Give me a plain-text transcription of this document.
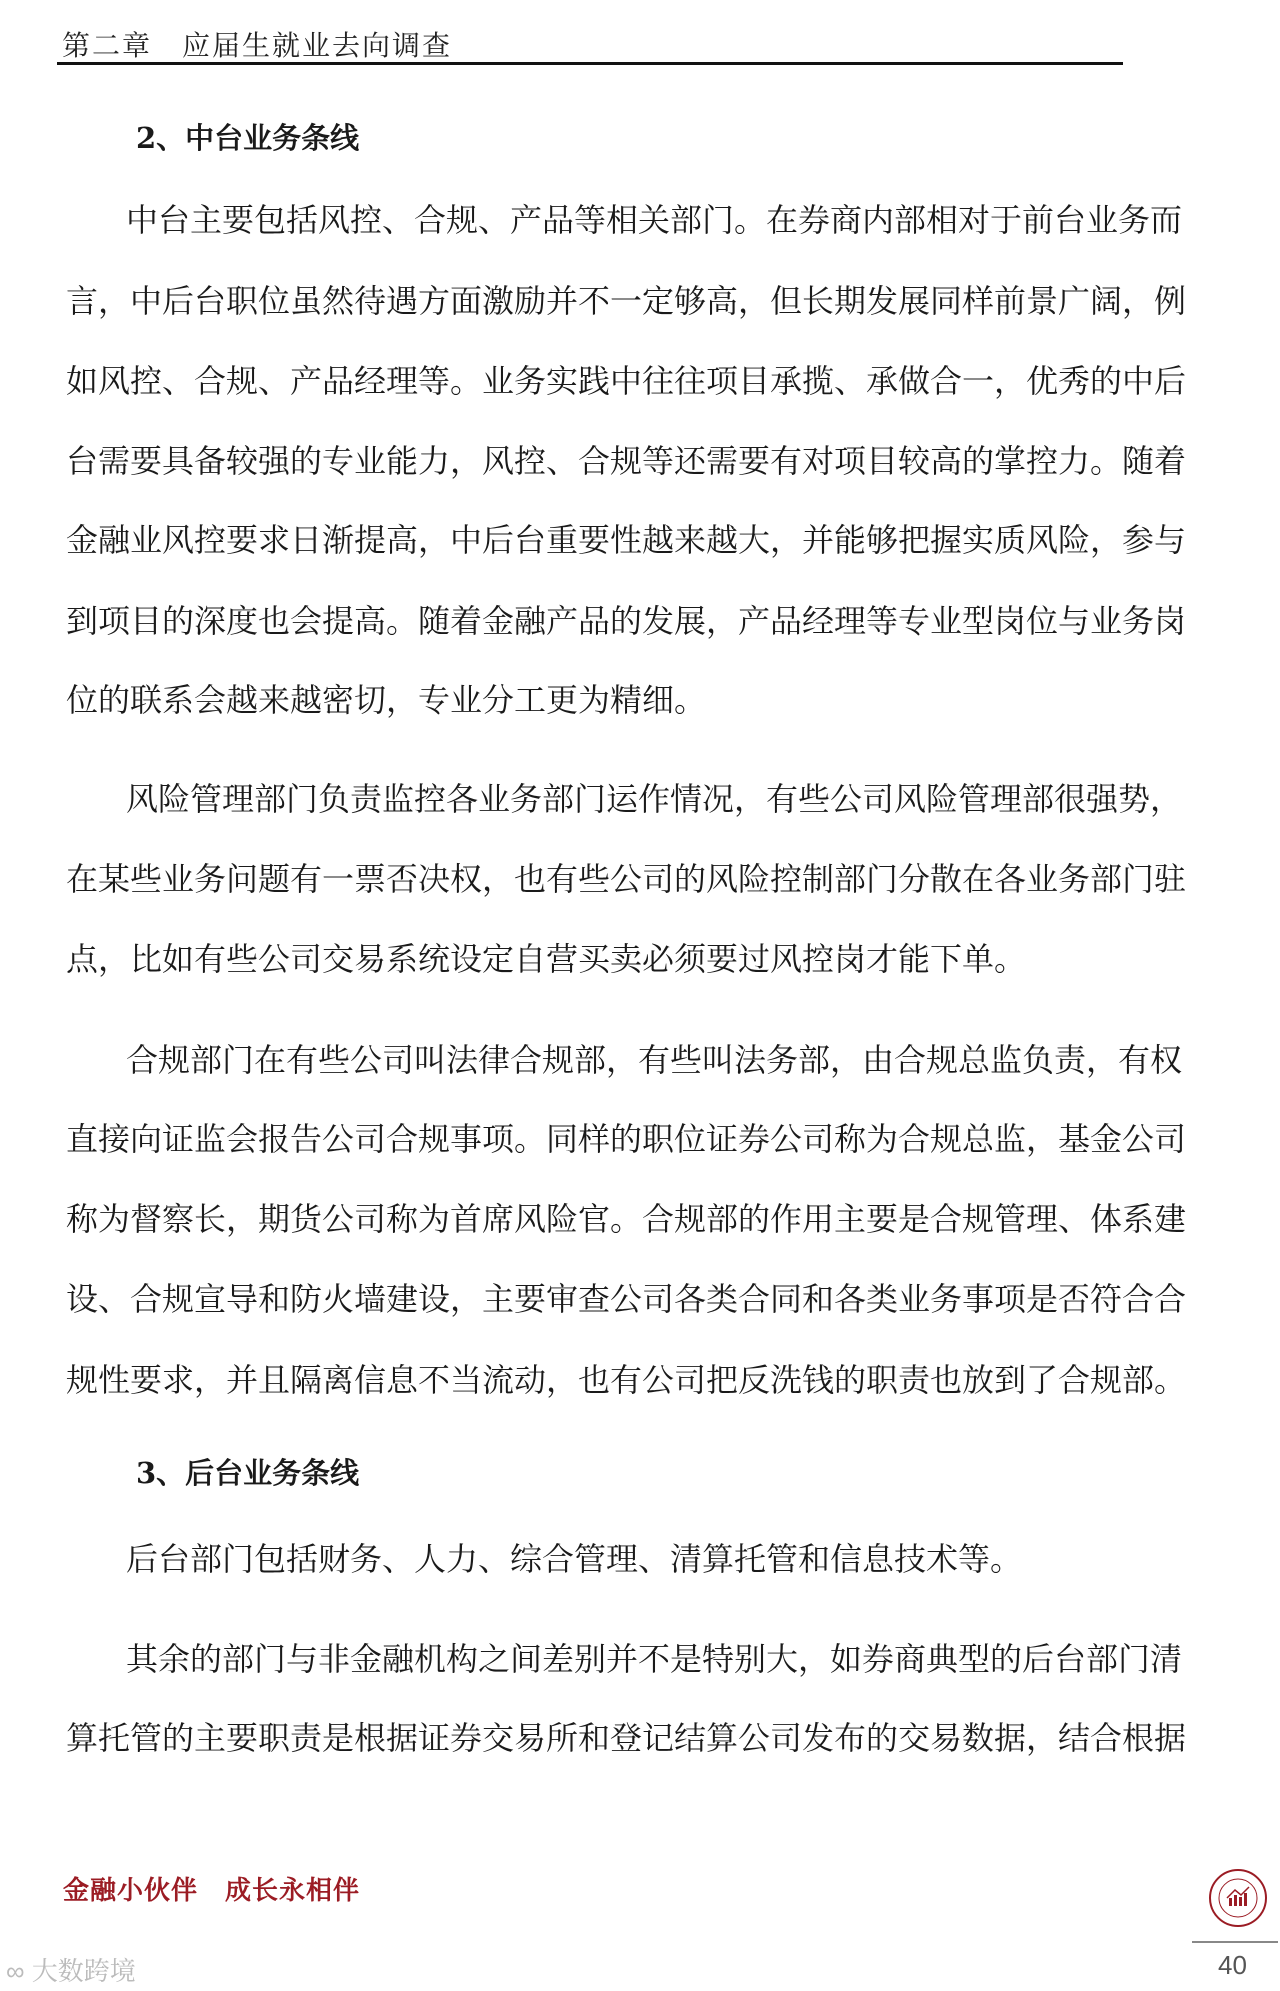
第二章　应届生就业去向调查
2、中台业务条线
中台主要包括风控、合规、产品等相关部门。在券商内部相对于前台业务而
言，中后台职位虽然待遇方面激励并不一定够高，但长期发展同样前景广阔，例
如风控、合规、产品经理等。业务实践中往往项目承揽、承做合一，优秀的中后
台需要具备较强的专业能力，风控、合规等还需要有对项目较高的掌控力。随着
金融业风控要求日渐提高，中后台重要性越来越大，并能够把握实质风险，参与
到项目的深度也会提高。随着金融产品的发展，产品经理等专业型岗位与业务岗
位的联系会越来越密切，专业分工更为精细。
风险管理部门负责监控各业务部门运作情况，有些公司风险管理部很强势，
在某些业务问题有一票否决权，也有些公司的风险控制部门分散在各业务部门驻
点，比如有些公司交易系统设定自营买卖必须要过风控岗才能下单。
合规部门在有些公司叫法律合规部，有些叫法务部，由合规总监负责，有权
直接向证监会报告公司合规事项。同样的职位证券公司称为合规总监，基金公司
称为督察长，期货公司称为首席风险官。合规部的作用主要是合规管理、体系建
设、合规宣导和防火墙建设，主要审查公司各类合同和各类业务事项是否符合合
规性要求，并且隔离信息不当流动，也有公司把反洗钱的职责也放到了合规部。
3、后台业务条线
后台部门包括财务、人力、综合管理、清算托管和信息技术等。
其余的部门与非金融机构之间差别并不是特别大，如券商典型的后台部门清
算托管的主要职责是根据证券交易所和登记结算公司发布的交易数据，结合根据
金融小伙伴　成长永相伴
40
∞ 大数跨境
